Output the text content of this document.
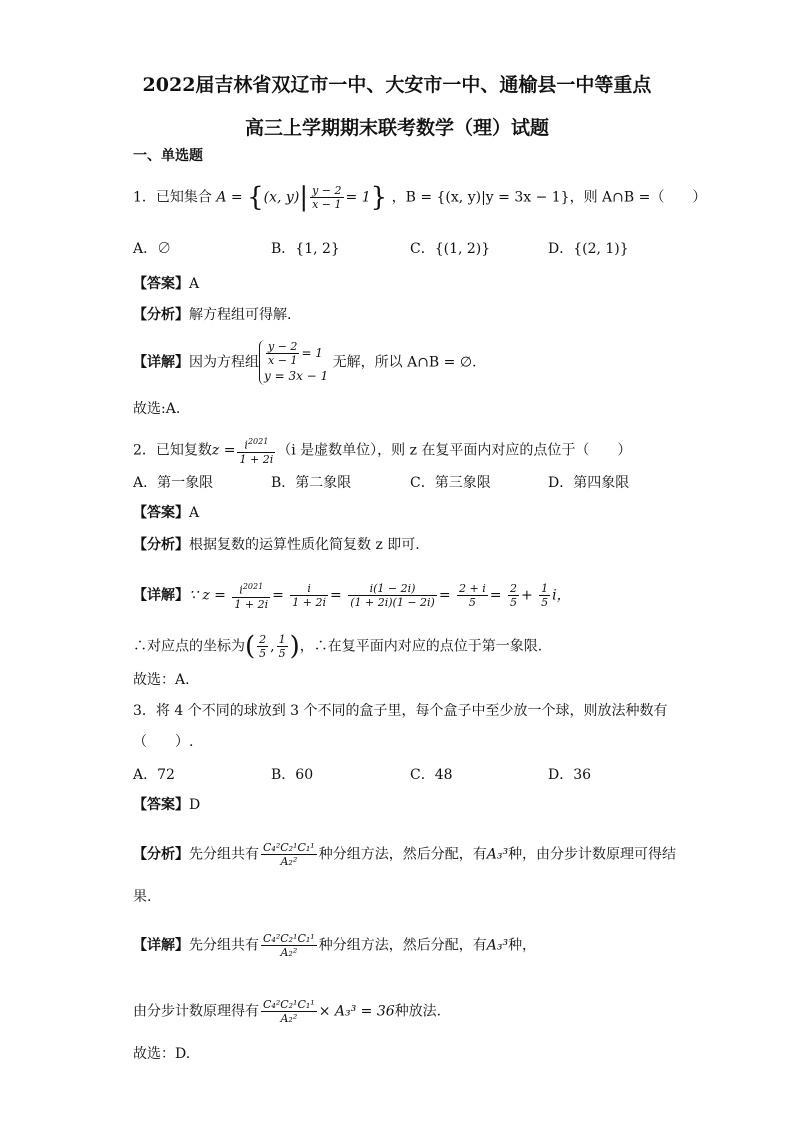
2022届吉林省双辽市一中、大安市一中、通榆县一中等重点
高三上学期期末联考数学（理）试题
一、单选题
1．已知集合 A = {(x, $y)| \frac{y - 2}{x - 1} = 1$} ，B = {(x, y)|y = 3x − 1}，则 A∩B =（　　）
A．∅	B．{1, 2}	C．{(1, 2)}	D．{(2, 1)}
【答案】A
【分析】解方程组可得解.
【详解】因为方程组 $\frac{y - 2}{x - 1} = 1$
y = 3x − 1 无解，所以 A∩B = ∅.
故选:A.
2．已知复数$z = \frac{i^{2021}}{1 + 2i} (i$ 是虚数单位），则 z 在复平面内对应的点位于（　　）
A．第一象限	B．第二象限	C．第三象限	D．第四象限
【答案】A
【分析】根据复数的运算性质化简复数 z 即可.
【详解】∵ $z = \frac{i^{2021}}{1 + 2i} = \frac{i}{1 + 2i} = \frac{i(1 - 2i)}{(1 + 2i)(1 - 2i)} = \frac{2 + i}{5} = \frac{2}{5} + \frac{1}{5}$ i，
∴对应点的坐标为( $\frac{2}{5}$ , $\frac{1}{5}$ )，∴在复平面内对应的点位于第一象限.
故选：A.
3．将 4 个不同的球放到 3 个不同的盒子里，每个盒子中至少放一个球，则放法种数有
（　　）.
A．72	B．60	C．48	D．36
【答案】D
【分析】先分组共有 $\frac{\text{C₄²C₂¹C₁¹}}{\text{A₂²}}$ 种分组方法，然后分配，有A₃³种，由分步计数原理可得结
果.
【详解】先分组共有 $\frac{\text{C₄²C₂¹C₁¹}}{\text{A₂²}}$ 种分组方法，然后分配，有A₃³种，
由分步计数原理得有 $\frac{\text{C₄²C₂¹C₁¹}}{\text{A₂²}} \times A_3^3 = 36$种放法.
故选：D.
